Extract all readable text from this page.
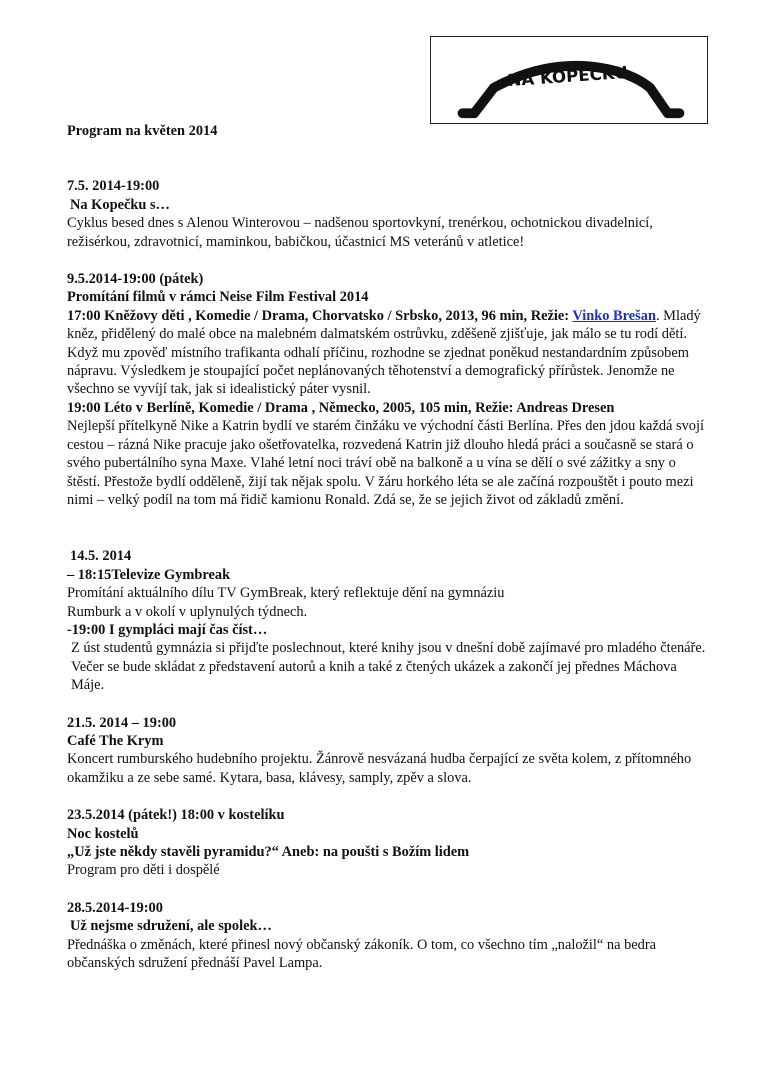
NA KOPEČKU

Program na květen 2014

7.5. 2014-19:00

Na Kopečku s…

Cyklus besed dnes s Alenou Winterovou – nadšenou sportovkyní, trenérkou, ochotnickou divadelnicí, režisérkou, zdravotnicí, maminkou, babičkou, účastnicí MS veteránů v atletice!

9.5.2014-19:00 (pátek)

Promítání filmů v rámci Neise Film Festival 2014

17:00 Kněžovy děti , Komedie / Drama, Chorvatsko / Srbsko, 2013, 96 min, Režie: Vinko Brešan. Mladý kněz, přidělený do malé obce na malebném dalmatském ostrůvku, zděšeně zjišťuje, jak málo se tu rodí dětí. Když mu zpověď místního trafikanta odhalí příčinu, rozhodne se zjednat poněkud nestandardním způsobem nápravu. Výsledkem je stoupající počet neplánovaných těhotenství a demografický přírůstek. Jenomže ne všechno se vyvíjí tak, jak si idealistický páter vysnil.

19:00 Léto v Berlíně, Komedie / Drama , Německo, 2005, 105 min, Režie: Andreas Dresen

Nejlepší přítelkyně Nike a Katrin bydlí ve starém činžáku ve východní části Berlína. Přes den jdou každá svojí cestou – rázná Nike pracuje jako ošetřovatelka, rozvedená Katrin již dlouho hledá práci a současně se stará o svého pubertálního syna Maxe. Vlahé letní noci tráví obě na balkoně a u vína se dělí o své zážitky a sny o štěstí. Přestože bydlí odděleně, žijí tak nějak spolu. V žáru horkého léta se ale začíná rozpouštět i pouto mezi nimi – velký podíl na tom má řidič kamionu Ronald. Zdá se, že se jejich život od základů změní.

14.5. 2014

– 18:15Televize Gymbreak

Promítání aktuálního dílu TV GymBreak, který reflektuje dění na gymnáziu

Rumburk a v okolí v uplynulých týdnech.

-19:00 I gympláci mají čas číst…

Z úst studentů gymnázia si přijďte poslechnout, které knihy jsou v dnešní době zajímavé pro mladého čtenáře. Večer se bude skládat z představení autorů a knih a také z čtených ukázek a zakončí jej přednes Máchova Máje.

21.5. 2014 – 19:00

Café The Krym

Koncert rumburského hudebního projektu. Žánrově nesvázaná hudba čerpající ze světa kolem, z přítomného okamžiku a ze sebe samé. Kytara, basa, klávesy, samply, zpěv a slova.

23.5.2014 (pátek!) 18:00 v kostelíku

Noc kostelů

„Už jste někdy stavěli pyramidu?“ Aneb: na poušti s Božím lidem

Program pro děti i dospělé

28.5.2014-19:00

Už nejsme sdružení, ale spolek…

Přednáška o změnách, které přinesl nový občanský zákoník. O tom, co všechno tím „naložil“ na bedra občanských sdružení přednáší Pavel Lampa.
